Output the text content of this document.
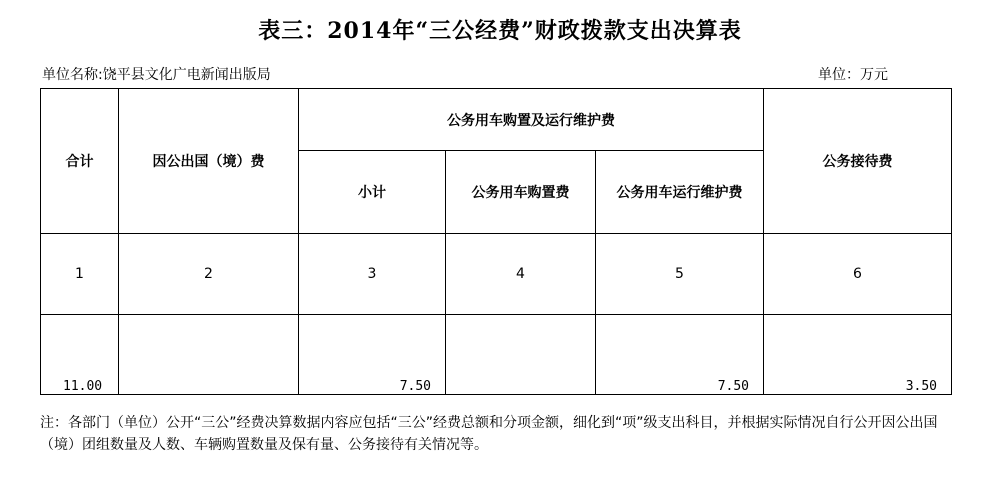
表三：2014年“三公经费”财政拨款支出决算表
单位名称:饶平县文化广电新闻出版局	单位：万元
合计	因公出国（境）费	公务用车购置及运行维护费			公务接待费
		小计	公务用车购置费	公务用车运行维护费	
1	2	3	4	5	6
11.00		7.50		7.50	3.50
注：各部门（单位）公开“三公”经费决算数据内容应包括“三公”经费总额和分项金额，细化到“项”级支出科目，并根据实际情况自行公开因公出国（境）团组数量及人数、车辆购置数量及保有量、公务接待有关情况等。
